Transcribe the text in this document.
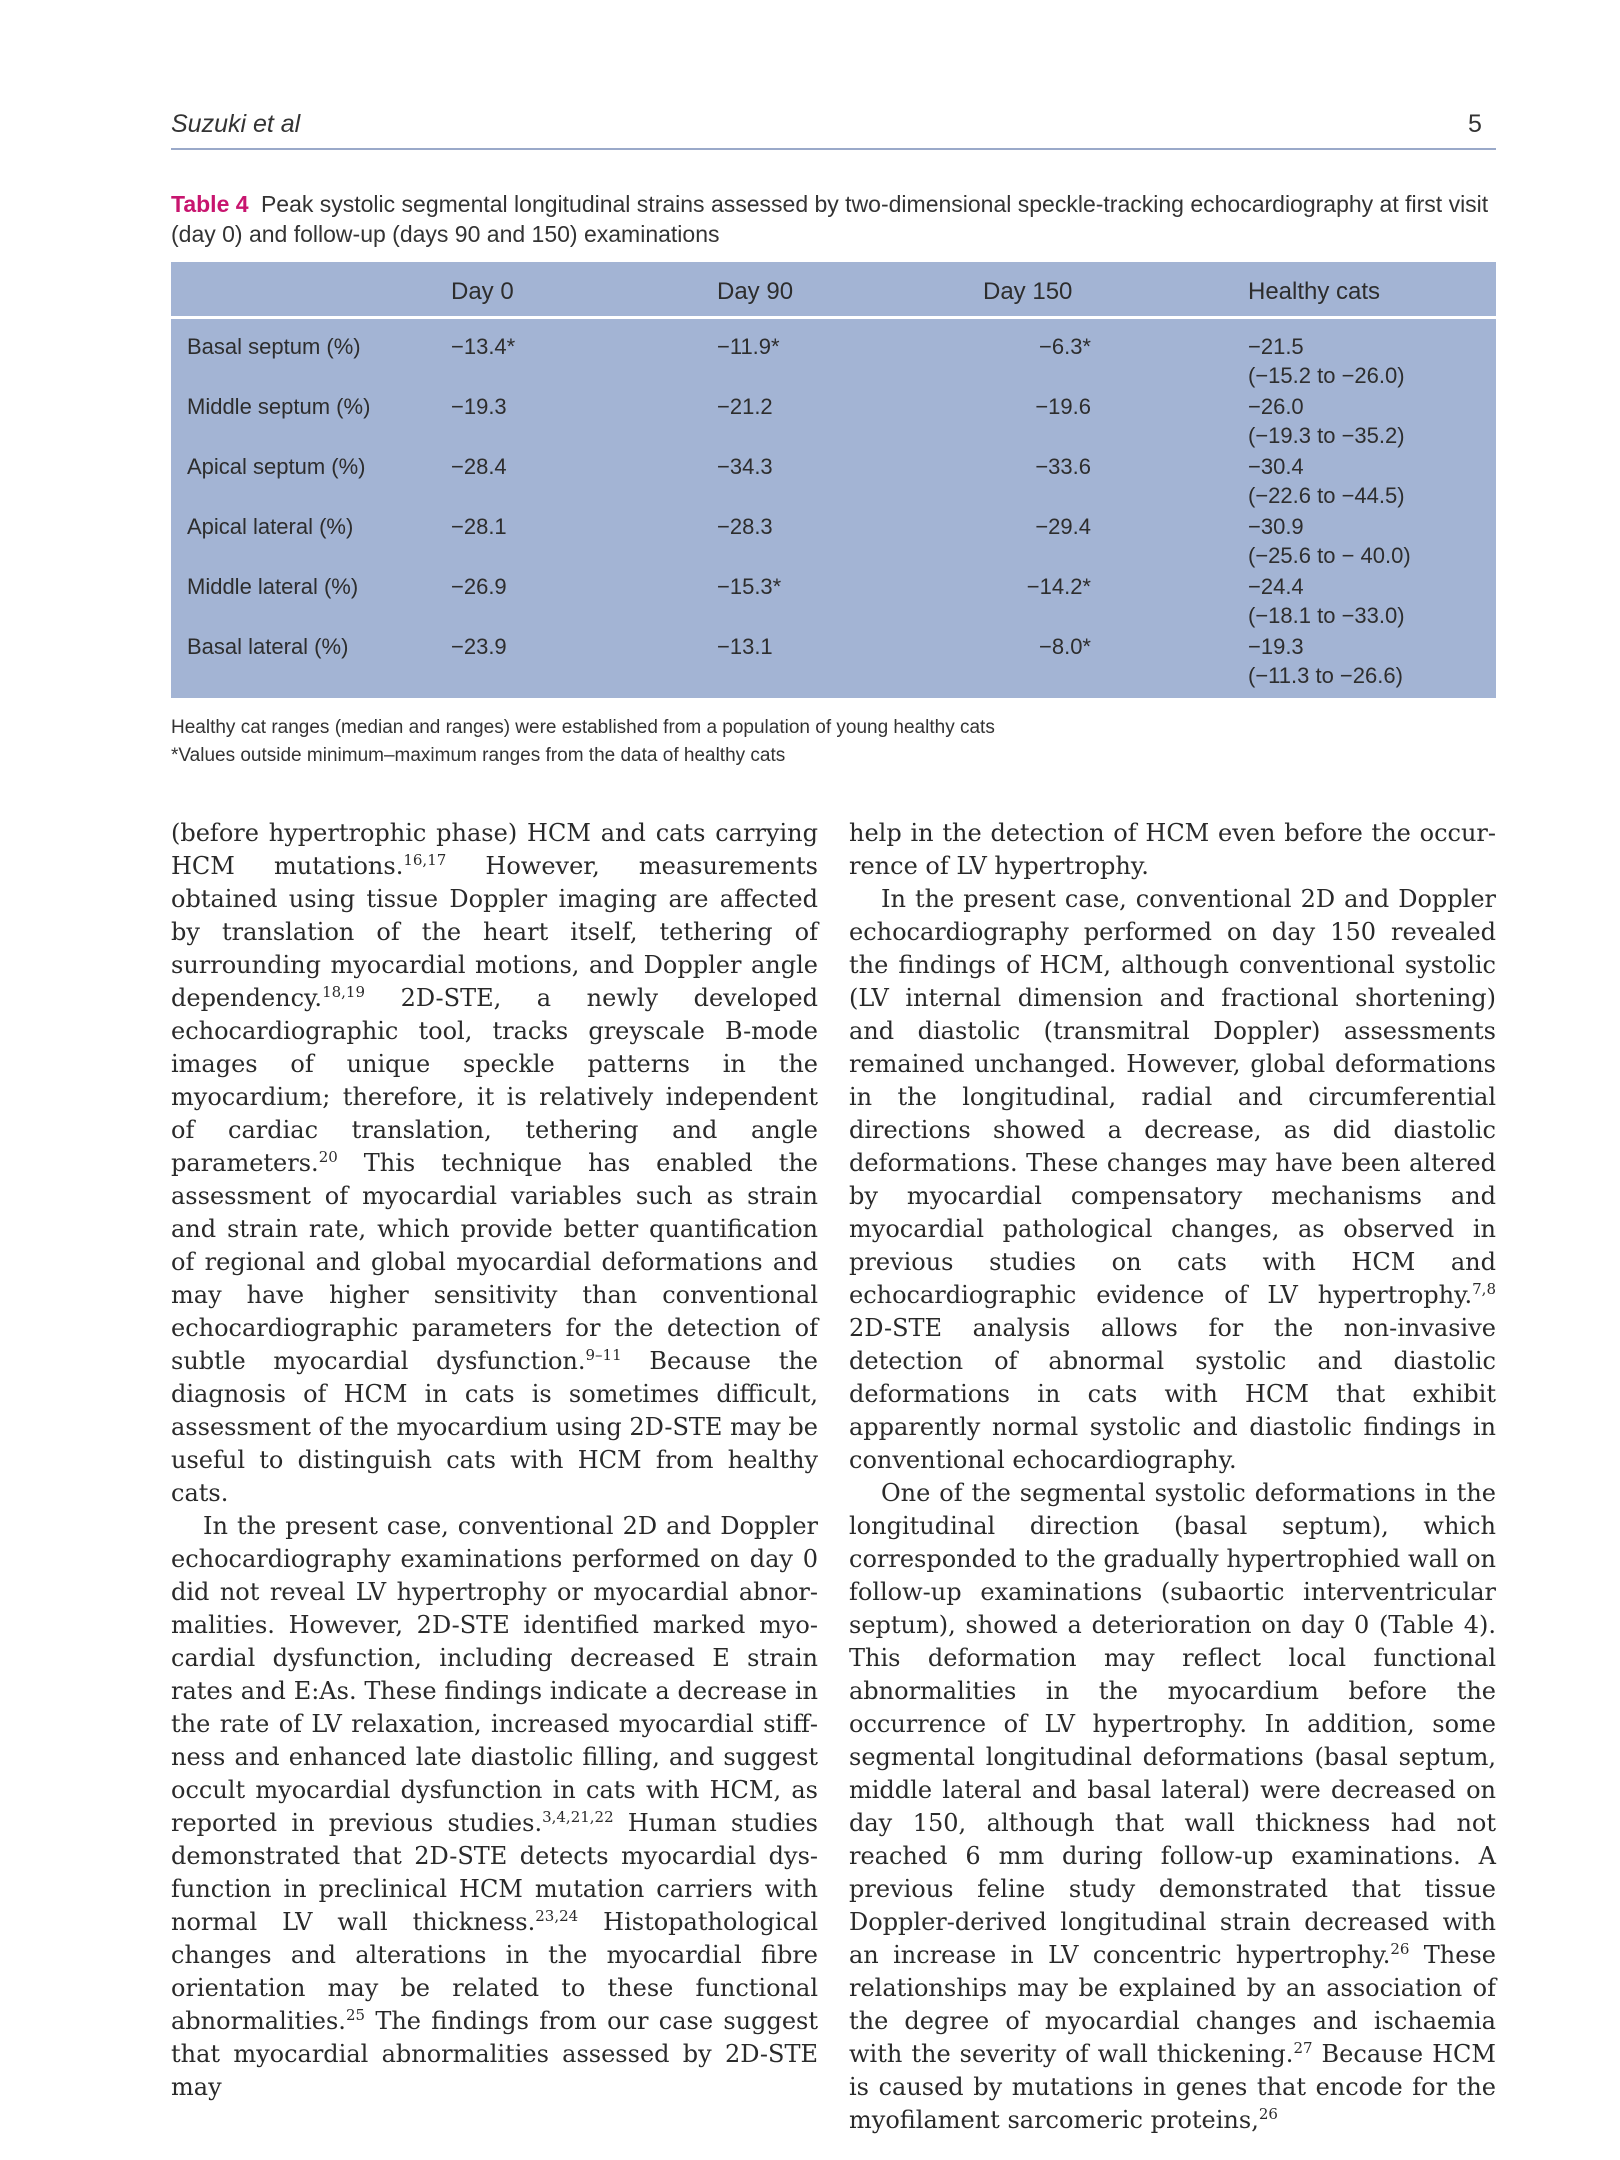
Suzuki et al	5
Table 4 Peak systolic segmental longitudinal strains assessed by two-dimensional speckle-tracking echocardiography at first visit (day 0) and follow-up (days 90 and 150) examinations
Day 0	Day 90	Day 150	Healthy cats
Basal septum (%)	−13.4*	−11.9*	−6.3*	−21.5
(−15.2 to −26.0)
Middle septum (%)	−19.3	−21.2	−19.6	−26.0
(−19.3 to −35.2)
Apical septum (%)	−28.4	−34.3	−33.6	−30.4
(−22.6 to −44.5)
Apical lateral (%)	−28.1	−28.3	−29.4	−30.9
(−25.6 to − 40.0)
Middle lateral (%)	−26.9	−15.3*	−14.2*	−24.4
(−18.1 to −33.0)
Basal lateral (%)	−23.9	−13.1	−8.0*	−19.3
(−11.3 to −26.6)
Healthy cat ranges (median and ranges) were established from a population of young healthy cats
*Values outside minimum–maximum ranges from the data of healthy cats

(before hypertrophic phase) HCM and cats carrying HCM mutations.$^{16,17}$ However, measurements obtained using tissue Doppler imaging are affected by translation of the heart itself, tethering of surrounding myocardial motions, and Doppler angle dependency.$^{18,19}$ 2D-STE, a newly developed echocardiographic tool, tracks greyscale B-mode images of unique speckle patterns in the myocardium; therefore, it is relatively independent of cardiac translation, tethering and angle parameters.$^{20}$ This technique has enabled the assessment of myocardial variables such as strain and strain rate, which provide better quantification of regional and global myocardial deformations and may have higher sensitivity than conventional echocardiographic parameters for the detection of subtle myocardial dysfunction.$^{9-11}$ Because the diagnosis of HCM in cats is sometimes difficult, assessment of the myocardium using 2D-STE may be useful to distinguish cats with HCM from healthy cats.

In the present case, conventional 2D and Doppler echocardiography examinations performed on day 0 did not reveal LV hypertrophy or myocardial abnormalities. However, 2D-STE identified marked myocardial dysfunction, including decreased E strain rates and E:As. These findings indicate a decrease in the rate of LV relaxation, increased myocardial stiffness and enhanced late diastolic filling, and suggest occult myocardial dysfunction in cats with HCM, as reported in previous studies.$^{3,4,21,22}$ Human studies demonstrated that 2D-STE detects myocardial dysfunction in preclinical HCM mutation carriers with normal LV wall thickness.$^{23,24}$ Histopathological changes and alterations in the myocardial fibre orientation may be related to these functional abnormalities.$^{25}$ The findings from our case suggest that myocardial abnormalities assessed by 2D-STE may

help in the detection of HCM even before the occurrence of LV hypertrophy.

In the present case, conventional 2D and Doppler echocardiography performed on day 150 revealed the findings of HCM, although conventional systolic (LV internal dimension and fractional shortening) and diastolic (transmitral Doppler) assessments remained unchanged. However, global deformations in the longitudinal, radial and circumferential directions showed a decrease, as did diastolic deformations. These changes may have been altered by myocardial compensatory mechanisms and myocardial pathological changes, as observed in previous studies on cats with HCM and echocardiographic evidence of LV hypertrophy.$^{7,8}$ 2D-STE analysis allows for the non-invasive detection of abnormal systolic and diastolic deformations in cats with HCM that exhibit apparently normal systolic and diastolic findings in conventional echocardiography.

One of the segmental systolic deformations in the longitudinal direction (basal septum), which corresponded to the gradually hypertrophied wall on follow-up examinations (subaortic interventricular septum), showed a deterioration on day 0 (Table 4). This deformation may reflect local functional abnormalities in the myocardium before the occurrence of LV hypertrophy. In addition, some segmental longitudinal deformations (basal septum, middle lateral and basal lateral) were decreased on day 150, although that wall thickness had not reached 6 mm during follow-up examinations. A previous feline study demonstrated that tissue Doppler-derived longitudinal strain decreased with an increase in LV concentric hypertrophy.$^{26}$ These relationships may be explained by an association of the degree of myocardial changes and ischaemia with the severity of wall thickening.$^{27}$ Because HCM is caused by mutations in genes that encode for the myofilament sarcomeric proteins,$^{26}$
